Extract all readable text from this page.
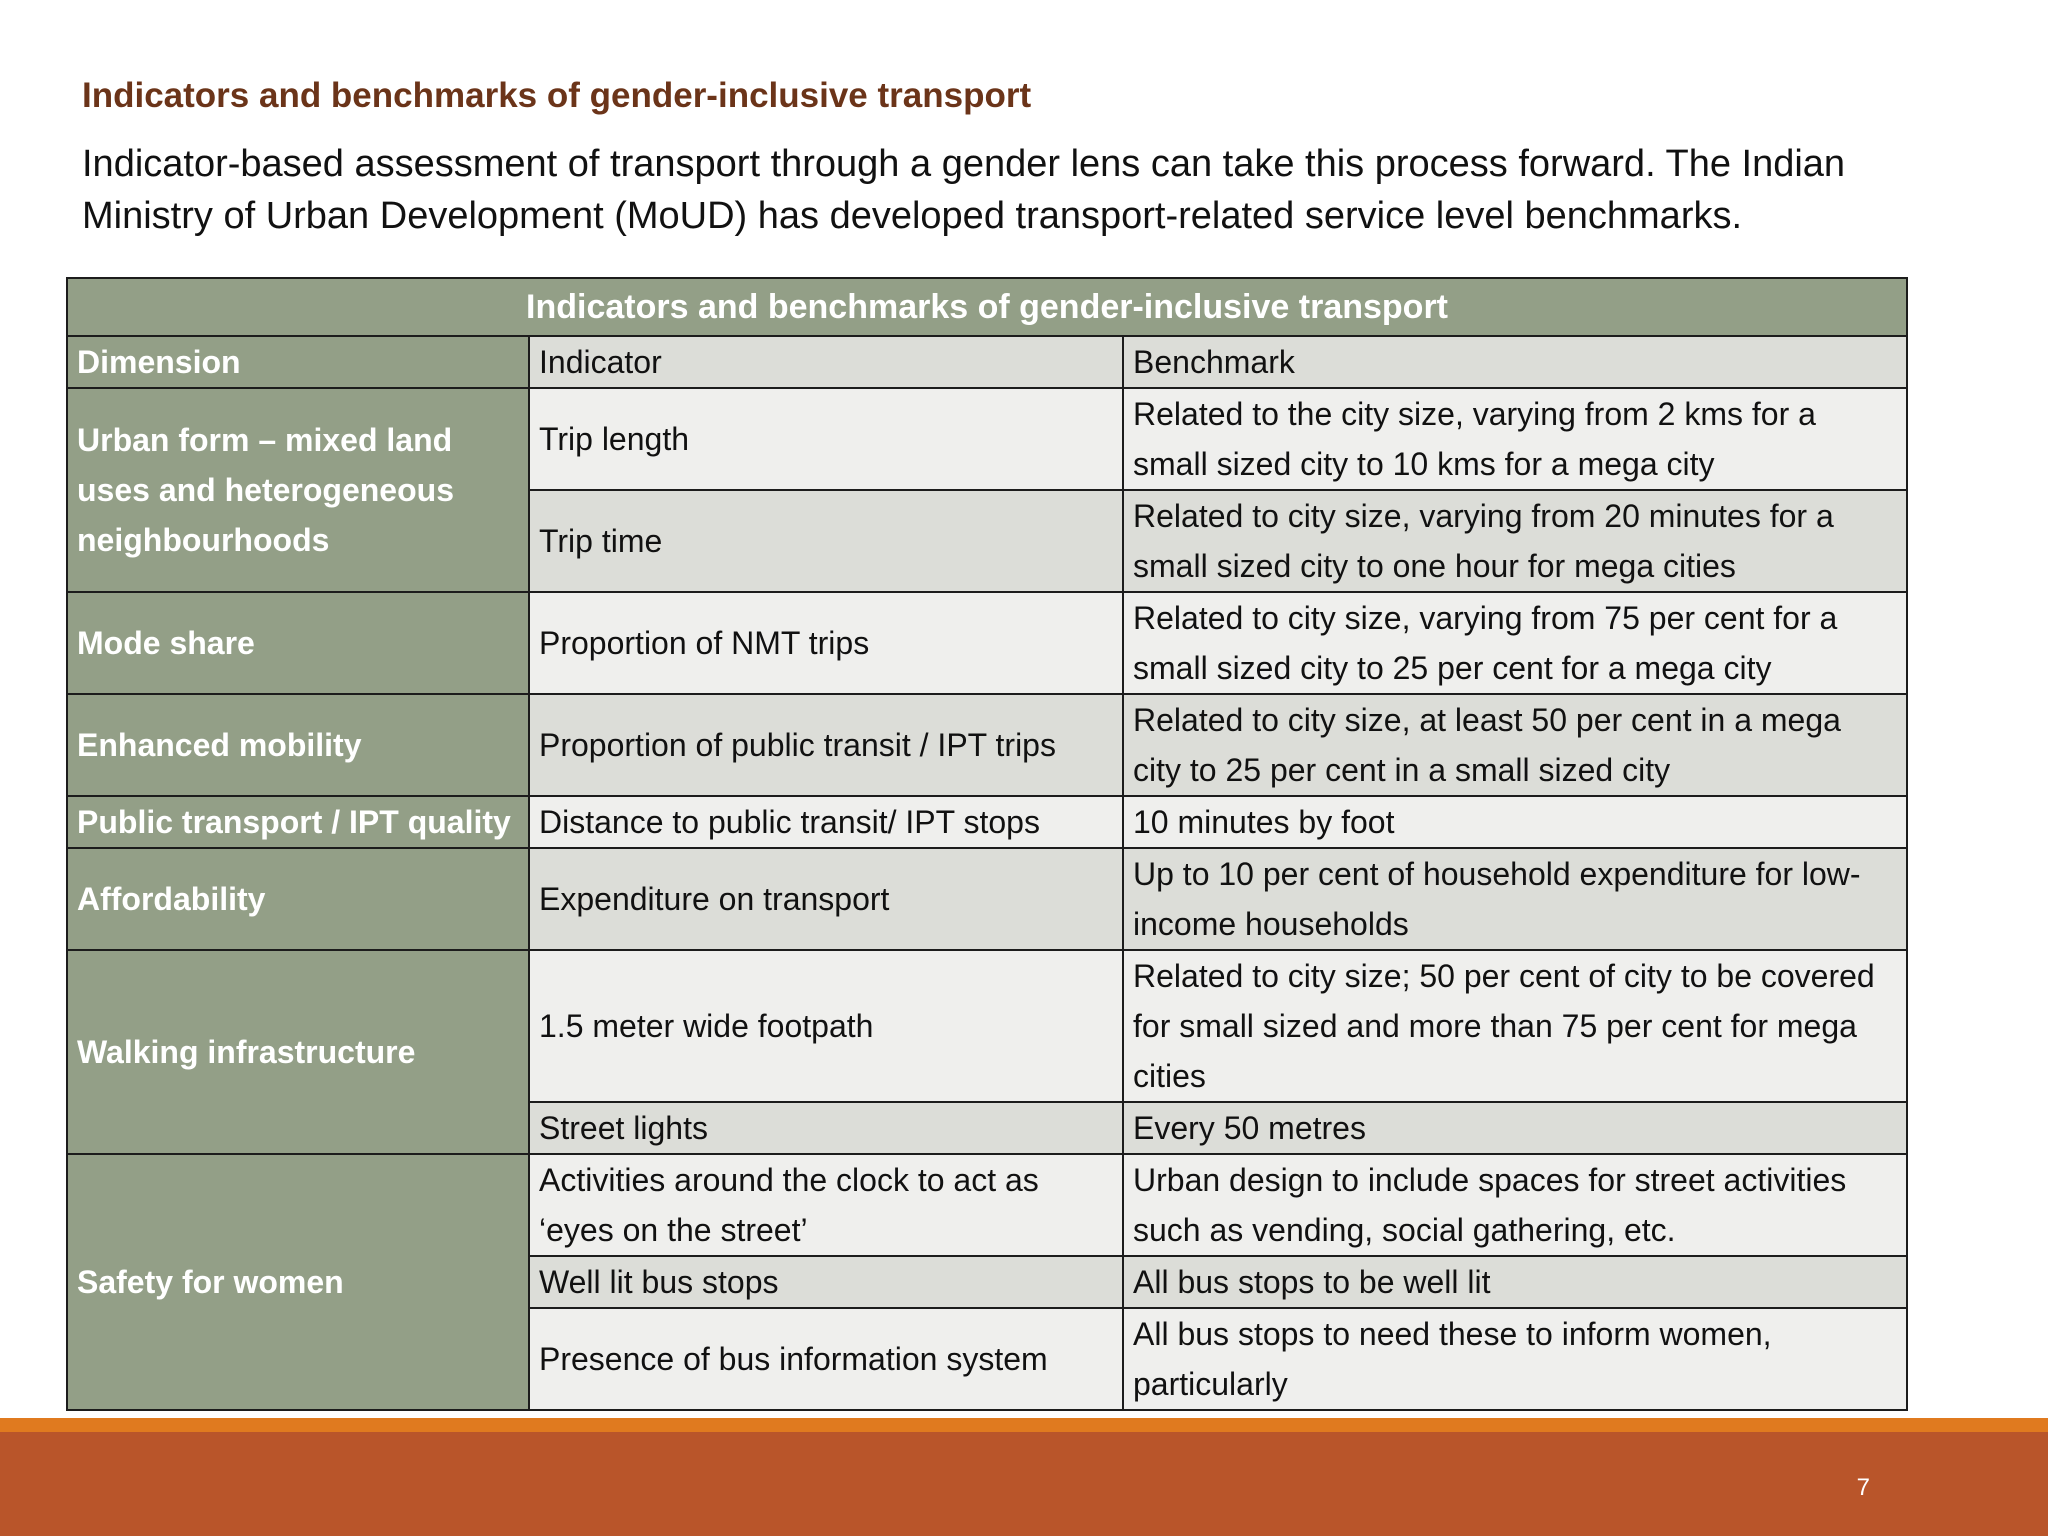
Indicators and benchmarks of gender-inclusive transport

Indicator-based assessment of transport through a gender lens can take this process forward. The Indian Ministry of Urban Development (MoUD) has developed transport-related service level benchmarks.

Indicators and benchmarks of gender-inclusive transport		
Dimension	Indicator	Benchmark
Urban form – mixed land uses and heterogeneous neighbourhoods	Trip length	Related to the city size, varying from 2 kms for a small sized city to 10 kms for a mega city
	Trip time	Related to city size, varying from 20 minutes for a small sized city to one hour for mega cities
Mode share	Proportion of NMT trips	Related to city size, varying from 75 per cent for a small sized city to 25 per cent for a mega city
Enhanced mobility	Proportion of public transit / IPT trips	Related to city size, at least 50 per cent in a mega city to 25 per cent in a small sized city
Public transport / IPT quality	Distance to public transit/ IPT stops	10 minutes by foot
Affordability	Expenditure on transport	Up to 10 per cent of household expenditure for low-income households
Walking infrastructure	1.5 meter wide footpath	Related to city size; 50 per cent of city to be covered for small sized and more than 75 per cent for mega cities
	Street lights	Every 50 metres
Safety for women	Activities around the clock to act as ‘eyes on the street’	Urban design to include spaces for street activities such as vending, social gathering, etc.
	Well lit bus stops	All bus stops to be well lit
	Presence of bus information system	All bus stops to need these to inform women, particularly
7
